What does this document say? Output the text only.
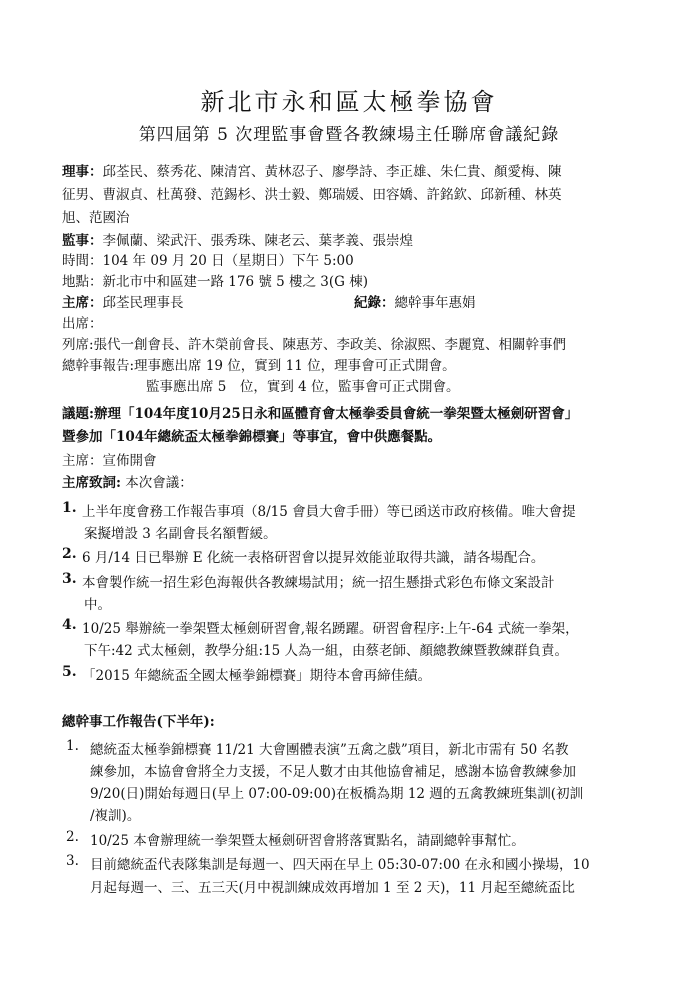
新北市永和區太極拳協會
第四屆第 5 次理監事會暨各教練場主任聯席會議紀錄
理事：邱荃民、蔡秀花、陳清宮、黃林忍子、廖學詩、李正雄、朱仁貴、顏愛梅、陳
征男、曹淑貞、杜萬發、范錫杉、洪士毅、鄭瑞媛、田容嬌、許銘欽、邱新種、林英
旭、范國治
監事：李佩蘭、梁武汗、張秀珠、陳老云、葉孝義、張崇煌
時間：104 年 09 月 20 日（星期日）下午 5:00
地點：新北市中和區建一路 176 號 5 樓之 3(G 棟)
主席：邱荃民理事長	紀錄：總幹事年惠娟
出席：
列席:張代一創會長、許木榮前會長、陳惠芳、李政美、徐淑熙、李麗寬、相關幹事們
總幹事報告:理事應出席 19 位，實到 11 位，理事會可正式開會。
監事應出席 5　位，實到 4 位，監事會可正式開會。
議題:辦理「104年度10月25日永和區體育會太極拳委員會統一拳架暨太極劍研習會」
暨參加「104年總統盃太極拳錦標賽」等事宜，會中供應餐點。
主席：宣佈開會
主席致詞: 本次會議：
1. 上半年度會務工作報告事項（8/15 會員大會手冊）等已函送市政府核備。唯大會提
案擬增設 3 名副會長名額暫緩。
2. 6 月/14 日已舉辦 E 化統一表格研習會以提昇效能並取得共識，請各場配合。
3. 本會製作統一招生彩色海報供各教練場試用；統一招生懸掛式彩色布條文案設計
中。
4. 10/25 舉辦統一拳架暨太極劍研習會,報名踴躍。研習會程序:上午-64 式統一拳架，
下午:42 式太極劍，教學分組:15 人為一組，由蔡老師、顏總教練暨教練群負責。
5. 「2015 年總統盃全國太極拳錦標賽」期待本會再締佳績。
總幹事工作報告(下半年):
1. 總統盃太極拳錦標賽 11/21 大會團體表演”五禽之戲”項目，新北市需有 50 名教
練參加，本協會會將全力支援，不足人數才由其他協會補足，感謝本協會教練參加
9/20(日)開始每週日(早上 07:00-09:00)在板橋為期 12 週的五禽教練班集訓(初訓
/複訓)。
2. 10/25 本會辦理統一拳架暨太極劍研習會將落實點名，請副總幹事幫忙。
3. 目前總統盃代表隊集訓是每週一、四天兩在早上 05:30-07:00 在永和國小操場，10
月起每週一、三、五三天(月中視訓練成效再增加 1 至 2 天)，11 月起至總統盃比
